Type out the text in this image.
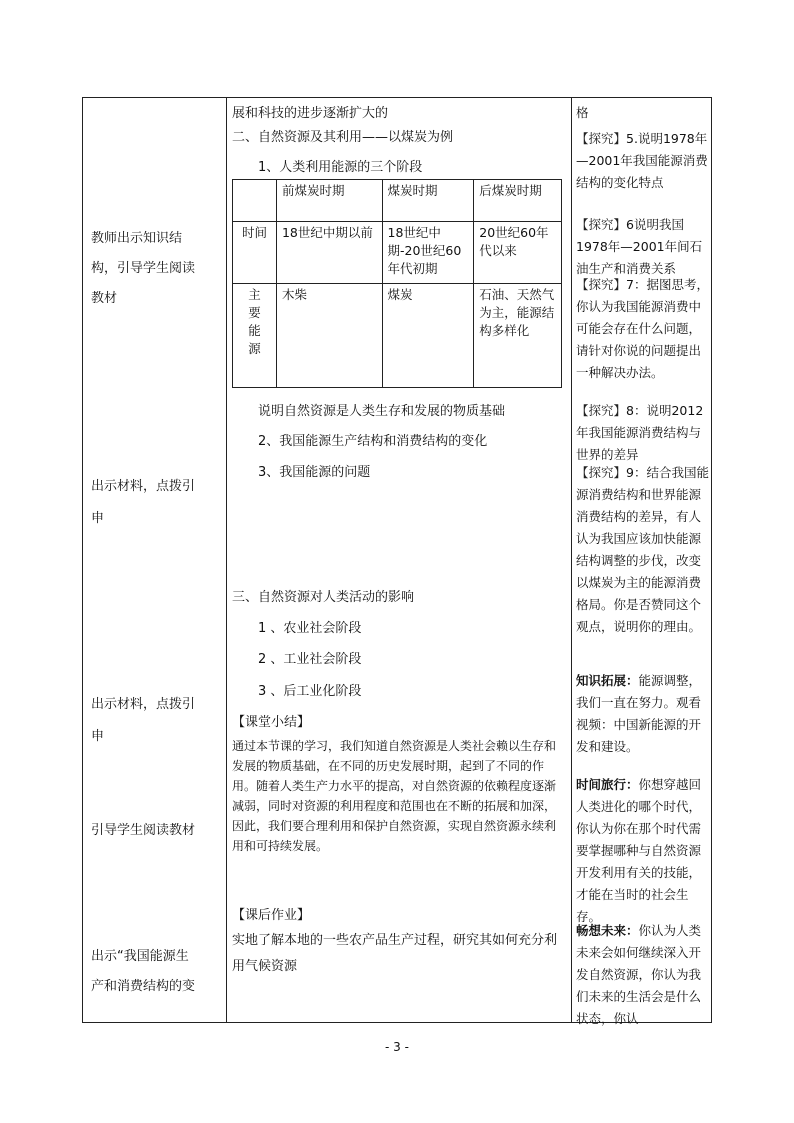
教师出示知识结
构，引导学生阅读
教材
出示材料，点拨引
申
出示材料，点拨引
申
引导学生阅读教材
出示“我国能源生
产和消费结构的变
展和科技的进步逐渐扩大的
二、自然资源及其利用——以煤炭为例
1、人类利用能源的三个阶段
	前煤炭时期	煤炭时期	后煤炭时期
时间	18世纪中期以前	18世纪中期-20世纪60年代初期	20世纪60年代以来
主要能源	木柴	煤炭	石油、天然气为主，能源结构多样化
说明自然资源是人类生存和发展的物质基础
2、我国能源生产结构和消费结构的变化
3、我国能源的问题
三、自然资源对人类活动的影响
1 、农业社会阶段
2 、工业社会阶段
3 、后工业化阶段
【课堂小结】
通过本节课的学习，我们知道自然资源是人类社会赖以生存和发展的物质基础，在不同的历史发展时期，起到了不同的作用。随着人类生产力水平的提高，对自然资源的依赖程度逐渐减弱，同时对资源的利用程度和范围也在不断的拓展和加深，因此，我们要合理利用和保护自然资源，实现自然资源永续利用和可持续发展。
【课后作业】
实地了解本地的一些农产品生产过程，研究其如何充分利用气候资源

格

【探究】5.说明1978年—2001年我国能源消费结构的变化特点

【探究】6说明我国1978年—2001年间石油生产和消费关系

【探究】7：据图思考，你认为我国能源消费中可能会存在什么问题，请针对你说的问题提出一种解决办法。

【探究】8：说明2012年我国能源消费结构与世界的差异

【探究】9：结合我国能源消费结构和世界能源消费结构的差异，有人认为我国应该加快能源结构调整的步伐，改变以煤炭为主的能源消费格局。你是否赞同这个观点，说明你的理由。

知识拓展：能源调整，我们一直在努力。观看视频：中国新能源的开发和建设。

时间旅行：你想穿越回人类进化的哪个时代，你认为你在那个时代需要掌握哪种与自然资源开发利用有关的技能，才能在当时的社会生存。

畅想未来：你认为人类未来会如何继续深入开发自然资源，你认为我们未来的生活会是什么状态，你认

- 3 -
